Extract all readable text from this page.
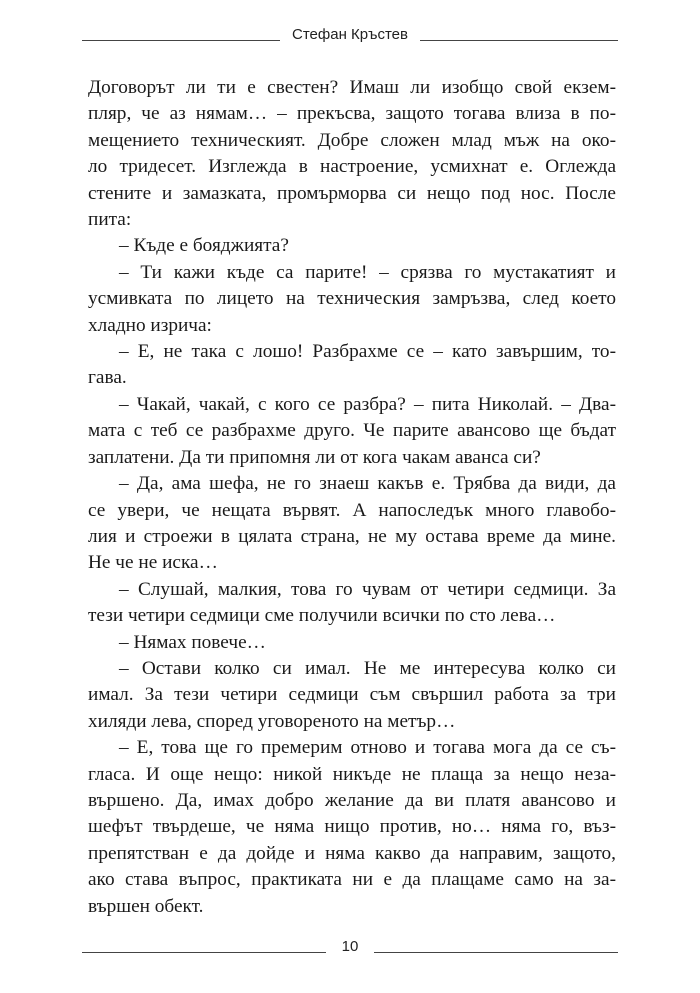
Стефан Кръстев

Договорът ли ти е свестен? Имаш ли изобщо свой екзем-

пляр, че аз нямам… – прекъсва, защото тогава влиза в по-

мещението техническият. Добре сложен млад мъж на око-

ло тридесет. Изглежда в настроение, усмихнат е. Оглежда

стените и замазката, промърморва си нещо под нос. После

пита:

– Къде е бояджията?

– Ти кажи къде са парите! – срязва го мустакатият и

усмивката по лицето на техническия замръзва, след което

хладно изрича:

– Е, не така с лошо! Разбрахме се – като завършим, то-

гава.

– Чакай, чакай, с кого се разбра? – пита Николай. – Два-

мата с теб се разбрахме друго. Че парите авансово ще бъдат

заплатени. Да ти припомня ли от кога чакам аванса си?

– Да, ама шефа, не го знаеш какъв е. Трябва да види, да

се увери, че нещата вървят. А напоследък много главобо-

лия и строежи в цялата страна, не му остава време да мине.

Не че не иска…

– Слушай, малкия, това го чувам от четири седмици. За

тези четири седмици сме получили всички по сто лева…

– Нямах повече…

– Остави колко си имал. Не ме интересува колко си

имал. За тези четири седмици съм свършил работа за три

хиляди лева, според уговореното на метър…

– Е, това ще го премерим отново и тогава мога да се съ-

гласа. И още нещо: никой никъде не плаща за нещо неза-

вършено. Да, имах добро желание да ви платя авансово и

шефът твърдеше, че няма нищо против, но… няма го, въз-

препятстван е да дойде и няма какво да направим, защото,

ако става въпрос, практиката ни е да плащаме само на за-

вършен обект.

10
